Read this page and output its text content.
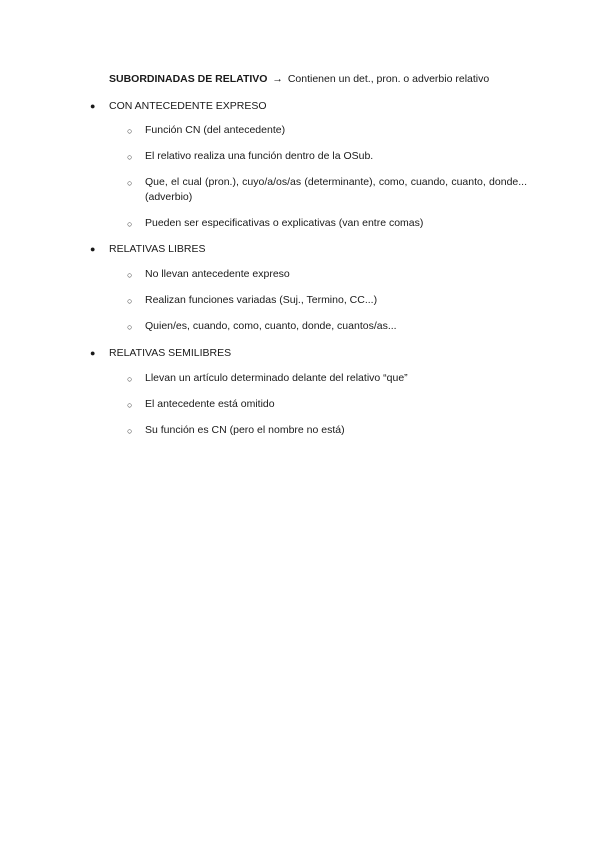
SUBORDINADAS DE RELATIVO → Contienen un det., pron. o adverbio relativo
● CON ANTECEDENTE EXPRESO
○ Función CN (del antecedente)
○ El relativo realiza una función dentro de la OSub.
○ Que, el cual (pron.), cuyo/a/os/as (determinante), como, cuando, cuanto, donde...(adverbio)
○ Pueden ser especificativas o explicativas (van entre comas)
● RELATIVAS LIBRES
○ No llevan antecedente expreso
○ Realizan funciones variadas (Suj., Termino, CC...)
○ Quien/es, cuando, como, cuanto, donde, cuantos/as...
● RELATIVAS SEMILIBRES
○ Llevan un artículo determinado delante del relativo “que”
○ El antecedente está omitido
○ Su función es CN (pero el nombre no está)
